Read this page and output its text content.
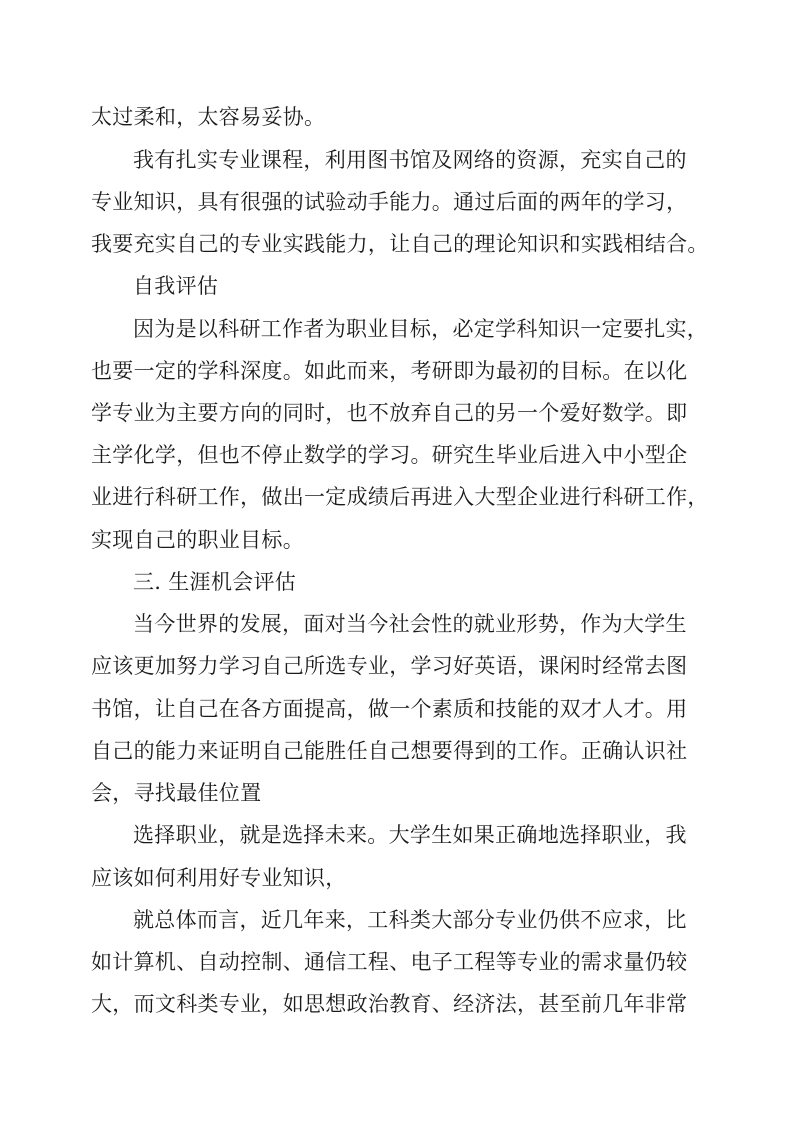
太过柔和，太容易妥协。
我有扎实专业课程，利用图书馆及网络的资源，充实自己的
专业知识，具有很强的试验动手能力。通过后面的两年的学习，
我要充实自己的专业实践能力，让自己的理论知识和实践相结合。
自我评估
因为是以科研工作者为职业目标，必定学科知识一定要扎实，
也要一定的学科深度。如此而来，考研即为最初的目标。在以化
学专业为主要方向的同时，也不放弃自己的另一个爱好数学。即
主学化学，但也不停止数学的学习。研究生毕业后进入中小型企
业进行科研工作，做出一定成绩后再进入大型企业进行科研工作，
实现自己的职业目标。
三. 生涯机会评估
当今世界的发展，面对当今社会性的就业形势，作为大学生
应该更加努力学习自己所选专业，学习好英语，课闲时经常去图
书馆，让自己在各方面提高，做一个素质和技能的双才人才。用
自己的能力来证明自己能胜任自己想要得到的工作。正确认识社
会，寻找最佳位置
选择职业，就是选择未来。大学生如果正确地选择职业，我
应该如何利用好专业知识，
就总体而言，近几年来，工科类大部分专业仍供不应求，比
如计算机、自动控制、通信工程、电子工程等专业的需求量仍较
大，而文科类专业，如思想政治教育、经济法，甚至前几年非常
